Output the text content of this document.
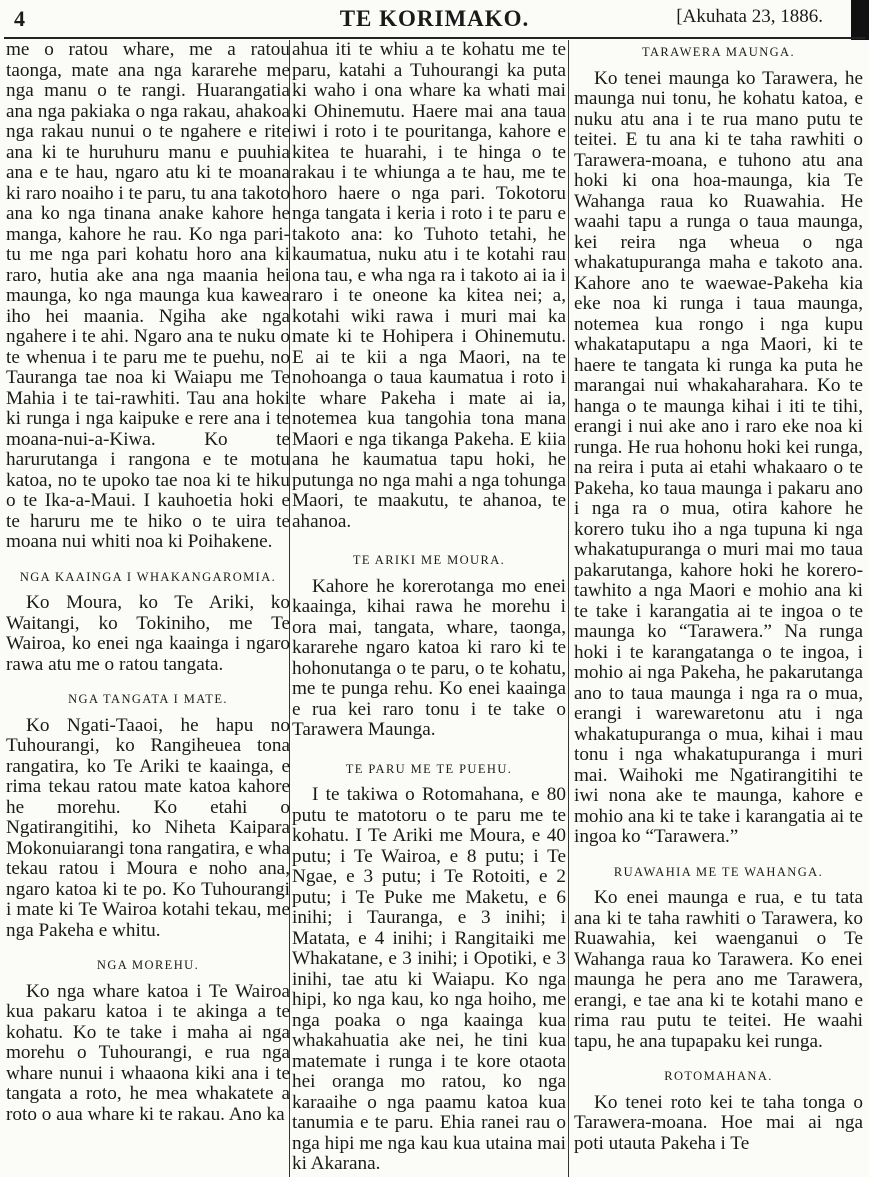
4	TE KORIMAKO.	[Akuhata 23, 1886.

me o ratou whare, me a ratou taonga, mate ana nga kararehe me nga manu o te rangi. Huarangatia ana nga pakiaka o nga rakau, ahakoa nga rakau nunui o te ngahere e rite ana ki te huruhuru manu e puuhia ana e te hau, ngaro atu ki te moana ki raro noaiho i te paru, tu ana takoto ana ko nga tinana anake kahore he manga, kahore he rau. Ko nga pari-tu me nga pari kohatu horo ana ki raro, hutia ake ana nga maania hei maunga, ko nga maunga kua kawea iho hei maania. Ngiha ake nga ngahere i te ahi. Ngaro ana te nuku o te whenua i te paru me te puehu, no Tauranga tae noa ki Waiapu me Te Mahia i te tai-rawhiti. Tau ana hoki ki runga i nga kaipuke e rere ana i te moana-nui-a-Kiwa. Ko te harurutanga i rangona e te motu katoa, no te upoko tae noa ki te hiku o te Ika-a-Maui. I kauhoetia hoki e te haruru me te hiko o te uira te moana nui whiti noa ki Poihakene.

NGA KAAINGA I WHAKANGAROMIA.

Ko Moura, ko Te Ariki, ko Waitangi, ko Tokiniho, me Te Wairoa, ko enei nga kaainga i ngaro rawa atu me o ratou tangata.

NGA TANGATA I MATE.

Ko Ngati-Taaoi, he hapu no Tuhourangi, ko Rangiheuea tona rangatira, ko Te Ariki te kaainga, e rima tekau ratou mate katoa kahore he morehu. Ko etahi o Ngatirangitihi, ko Niheta Kaipara Mokonuiarangi tona rangatira, e wha tekau ratou i Moura e noho ana, ngaro katoa ki te po. Ko Tuhourangi i mate ki Te Wairoa kotahi tekau, me nga Pakeha e whitu.

NGA MOREHU.

Ko nga whare katoa i Te Wairoa kua pakaru katoa i te akinga a te kohatu. Ko te take i maha ai nga morehu o Tuhourangi, e rua nga whare nunui i whaaona kiki ana i te tangata a roto, he mea whakatete a roto o aua whare ki te rakau. Ano ka

ahua iti te whiu a te kohatu me te paru, katahi a Tuhourangi ka puta ki waho i ona whare ka whati mai ki Ohinemutu. Haere mai ana taua iwi i roto i te pouritanga, kahore e kitea te huarahi, i te hinga o te rakau i te whiunga a te hau, me te horo haere o nga pari. Tokotoru nga tangata i keria i roto i te paru e takoto ana: ko Tuhoto tetahi, he kaumatua, nuku atu i te kotahi rau ona tau, e wha nga ra i takoto ai ia i raro i te oneone ka kitea nei; a, kotahi wiki rawa i muri mai ka mate ki te Hohipera i Ohinemutu. E ai te kii a nga Maori, na te nohoanga o taua kaumatua i roto i te whare Pakeha i mate ai ia, notemea kua tangohia tona mana Maori e nga tikanga Pakeha. E kiia ana he kaumatua tapu hoki, he putunga no nga mahi a nga tohunga Maori, te maakutu, te ahanoa, te ahanoa.

TE ARIKI ME MOURA.

Kahore he korerotanga mo enei kaainga, kihai rawa he morehu i ora mai, tangata, whare, taonga, kararehe ngaro katoa ki raro ki te hohonutanga o te paru, o te kohatu, me te punga rehu. Ko enei kaainga e rua kei raro tonu i te take o Tarawera Maunga.

TE PARU ME TE PUEHU.

I te takiwa o Rotomahana, e 80 putu te matotoru o te paru me te kohatu. I Te Ariki me Moura, e 40 putu; i Te Wairoa, e 8 putu; i Te Ngae, e 3 putu; i Te Rotoiti, e 2 putu; i Te Puke me Maketu, e 6 inihi; i Tauranga, e 3 inihi; i Matata, e 4 inihi; i Rangitaiki me Whakatane, e 3 inihi; i Opotiki, e 3 inihi, tae atu ki Waiapu. Ko nga hipi, ko nga kau, ko nga hoiho, me nga poaka o nga kaainga kua whakahuatia ake nei, he tini kua matemate i runga i te kore otaota hei oranga mo ratou, ko nga karaaihe o nga paamu katoa kua tanumia e te paru. Ehia ranei rau o nga hipi me nga kau kua utaina mai ki Akarana.

TARAWERA MAUNGA.

Ko tenei maunga ko Tarawera, he maunga nui tonu, he kohatu katoa, e nuku atu ana i te rua mano putu te teitei. E tu ana ki te taha rawhiti o Tarawera-moana, e tuhono atu ana hoki ki ona hoa-maunga, kia Te Wahanga raua ko Ruawahia. He waahi tapu a runga o taua maunga, kei reira nga wheua o nga whakatupuranga maha e takoto ana. Kahore ano te waewae-Pakeha kia eke noa ki runga i taua maunga, notemea kua rongo i nga kupu whakataputapu a nga Maori, ki te haere te tangata ki runga ka puta he marangai nui whakaharahara. Ko te hanga o te maunga kihai i iti te tihi, erangi i nui ake ano i raro eke noa ki runga. He rua hohonu hoki kei runga, na reira i puta ai etahi whakaaro o te Pakeha, ko taua maunga i pakaru ano i nga ra o mua, otira kahore he korero tuku iho a nga tupuna ki nga whakatupuranga o muri mai mo taua pakarutanga, kahore hoki he korero-tawhito a nga Maori e mohio ana ki te take i karangatia ai te ingoa o te maunga ko “Tarawera.” Na runga hoki i te karangatanga o te ingoa, i mohio ai nga Pakeha, he pakarutanga ano to taua maunga i nga ra o mua, erangi i warewaretonu atu i nga whakatupuranga o mua, kihai i mau tonu i nga whakatupuranga i muri mai. Waihoki me Ngatirangitihi te iwi nona ake te maunga, kahore e mohio ana ki te take i karangatia ai te ingoa ko “Tarawera.”

RUAWAHIA ME TE WAHANGA.

Ko enei maunga e rua, e tu tata ana ki te taha rawhiti o Tarawera, ko Ruawahia, kei waenganui o Te Wahanga raua ko Tarawera. Ko enei maunga he pera ano me Tarawera, erangi, e tae ana ki te kotahi mano e rima rau putu te teitei. He waahi tapu, he ana tupapaku kei runga.

ROTOMAHANA.

Ko tenei roto kei te taha tonga o Tarawera-moana. Hoe mai ai nga poti utauta Pakeha i Te
